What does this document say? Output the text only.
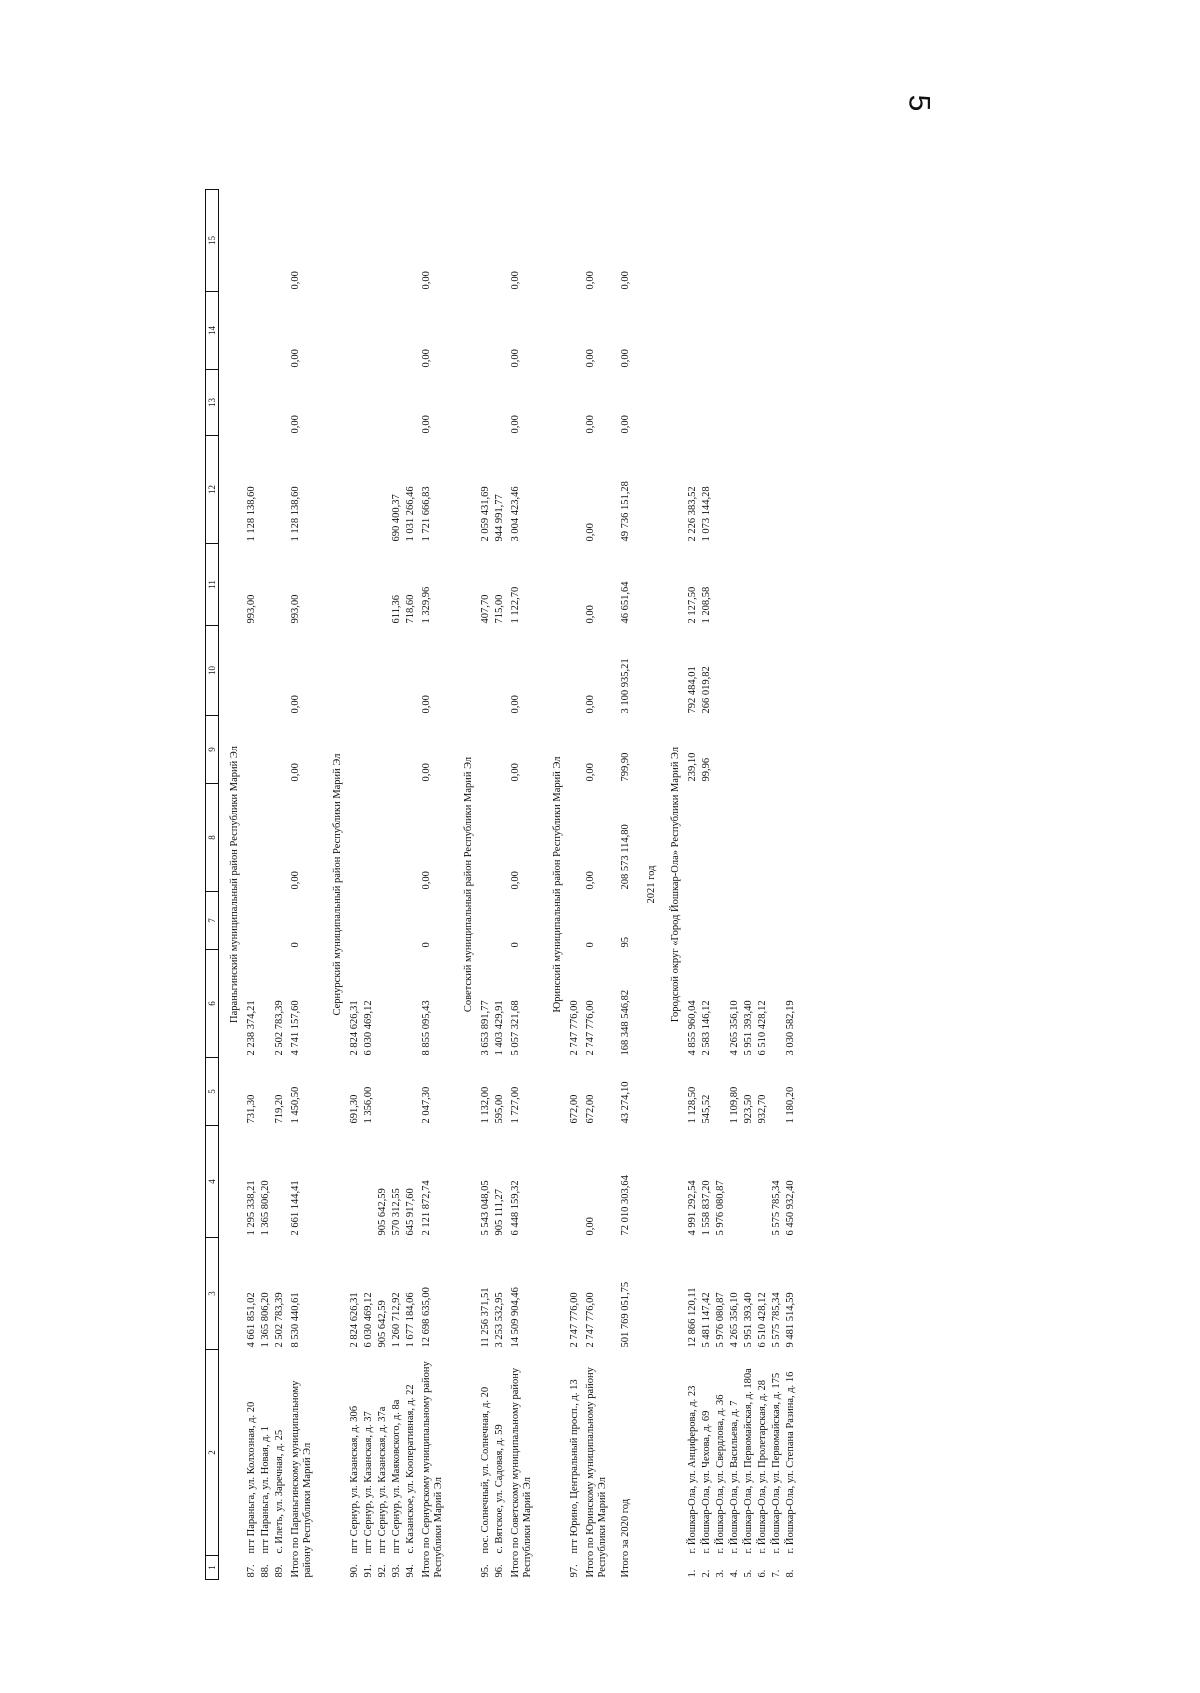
5
1	2	3	4	5	6	7	8	9	10	11	12	13	14	15
Параньгинский муниципальный район Республики Марий Эл														
87.	пгт Параньга, ул. Колхозная, д. 20	4 661 851,02	1 295 338,21	731,30	2 238 374,21					993,00	1 128 138,60			
88.	пгт Параньга, ул. Новая, д. 1	1 365 806,20	1 365 806,20											
89.	с. Илеть, ул. Заречная, д. 25	2 502 783,39		719,20	2 502 783,39									
Итого по Параньгинскому муниципальному району Республики Марий Эл		8 530 440,61	2 661 144,41	1 450,50	4 741 157,60	0	0,00	0,00	0,00	993,00	1 128 138,60	0,00	0,00	0,00
Сернурский муниципальный район Республики Марий Эл														
90.	пгт Сернур, ул. Казанская, д. 30б	2 824 626,31		691,30	2 824 626,31									
91.	пгт Сернур, ул. Казанская, д. 37	6 030 469,12		1 356,00	6 030 469,12									
92.	пгт Сернур, ул. Казанская, д. 37а	905 642,59	905 642,59											
93.	пгт Сернур, ул. Маяковского, д. 8а	1 260 712,92	570 312,55							611,36	690 400,37			
94.	с. Казанское, ул. Кооперативная, д. 22	1 677 184,06	645 917,60							718,60	1 031 266,46			
Итого по Сернурскому муниципальному району Республики Марий Эл		12 698 635,00	2 121 872,74	2 047,30	8 855 095,43	0	0,00	0,00	0,00	1 329,96	1 721 666,83	0,00	0,00	0,00
Советский муниципальный район Республики Марий Эл														
95.	пос. Солнечный, ул. Солнечная, д. 20	11 256 371,51	5 543 048,05	1 132,00	3 653 891,77					407,70	2 059 431,69			
96.	с. Вятское, ул. Садовая, д. 59	3 253 532,95	905 111,27	595,00	1 403 429,91					715,00	944 991,77			
Итого по Советскому муниципальному району Республики Марий Эл		14 509 904,46	6 448 159,32	1 727,00	5 057 321,68	0	0,00	0,00	0,00	1 122,70	3 004 423,46	0,00	0,00	0,00
Юринский муниципальный район Республики Марий Эл														
97.	пгт Юрино, Центральный просп., д. 13	2 747 776,00		672,00	2 747 776,00									
Итого по Юринскому муниципальному району Республики Марий Эл		2 747 776,00	0,00	672,00	2 747 776,00	0	0,00	0,00	0,00	0,00	0,00	0,00	0,00	0,00
Итого за 2020 год		501 769 051,75	72 010 303,64	43 274,10	168 348 546,82	95	208 573 114,80	799,90	3 100 935,21	46 651,64	49 736 151,28	0,00	0,00	0,00
2021 год														
Городской округ «Город Йошкар-Ола» Республики Марий Эл														
1.	г. Йошкар-Ола, ул. Анциферова, д. 23	12 866 120,11	4 991 292,54	1 128,50	4 855 960,04			239,10	792 484,01	2 127,50	2 226 383,52			
2.	г. Йошкар-Ола, ул. Чехова, д. 69	5 481 147,42	1 558 837,20	545,52	2 583 146,12			99,96	266 019,82	1 208,58	1 073 144,28			
3.	г. Йошкар-Ола, ул. Свердлова, д. 36	5 976 080,87	5 976 080,87											
4.	г. Йошкар-Ола, ул. Васильева, д. 7	4 265 356,10		1 109,80	4 265 356,10									
5.	г. Йошкар-Ола, ул. Первомайская, д. 180а	5 951 393,40		923,50	5 951 393,40									
6.	г. Йошкар-Ола, ул. Пролетарская, д. 28	6 510 428,12		932,70	6 510 428,12									
7.	г. Йошкар-Ола, ул. Первомайская, д. 175	5 575 785,34	5 575 785,34											
8.	г. Йошкар-Ола, ул. Степана Разина, д. 16	9 481 514,59	6 450 932,40	1 180,20	3 030 582,19									
